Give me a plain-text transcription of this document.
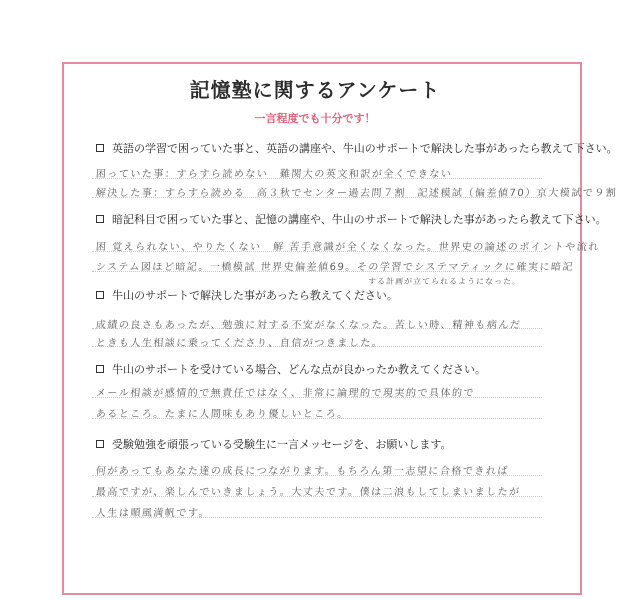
記憶塾に関するアンケート
一言程度でも十分です！
英語の学習で困っていた事と、英語の講座や、牛山のサポートで解決した事があったら教えて下さい。
困っていた事：すらすら読めない　難関大の英文和訳が全くできない
解決した事：すらすら読める　高３秋でセンター過去問７割　記述模試（偏差値70）京大模試で９割
暗記科目で困っていた事と、記憶の講座や、牛山のサポートで解決した事があったら教えて下さい。
困 覚えられない、やりたくない　解 苦手意識が全くなくなった。世界史の論述のポイントや流れ
システム図ほど暗記。一橋模試 世界史偏差値69。その学習でシステマティックに確実に暗記
する計画が立てられるようになった。
牛山のサポートで解決した事があったら教えてください。
成績の良さもあったが、勉強に対する不安がなくなった。苦しい時、精神も病んだ
ときも人生相談に乗ってくださり、自信がつきました。
牛山のサポートを受けている場合、どんな点が良かったか教えてください。
メール相談が感情的で無責任ではなく、非常に論理的で現実的で具体的で
あるところ。たまに人間味もあり優しいところ。
受験勉強を頑張っている受験生に一言メッセージを、お願いします。
何があってもあなた達の成長につながります。もちろん第一志望に合格できれば
最高ですが、楽しんでいきましょう。大丈夫です。僕は二浪もしてしまいましたが
人生は順風満帆です。
